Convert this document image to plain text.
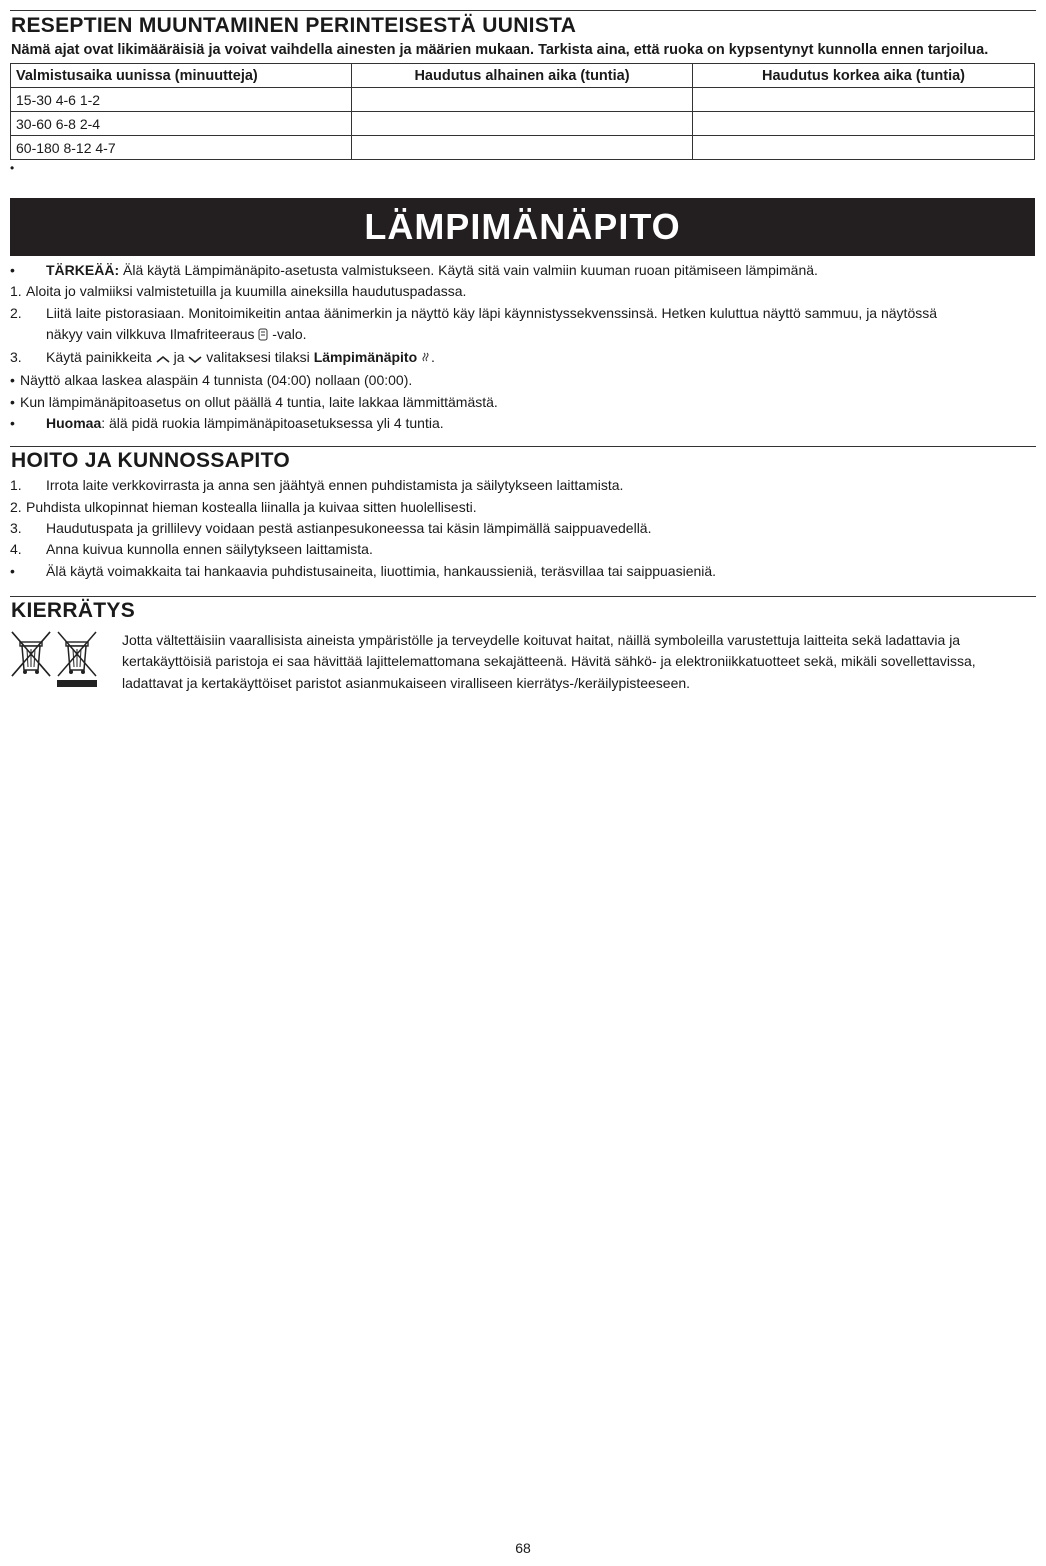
RESEPTIEN MUUNTAMINEN PERINTEISESTÄ UUNISTA

Nämä ajat ovat likimääräisiä ja voivat vaihdella ainesten ja määrien mukaan. Tarkista aina, että ruoka on kypsentynyt kunnolla ennen tarjoilua.

Valmistusaika uunissa (minuutteja)	Haudutus alhainen aika (tuntia)	Haudutus korkea aika (tuntia)
15-30 4-6 1-2		
30-60 6-8 2-4		
60-180 8-12 4-7		
•
LÄMPIMÄNÄPITO
• TÄRKEÄÄ: Älä käytä Lämpimänäpito-asetusta valmistukseen. Käytä sitä vain valmiin kuuman ruoan pitämiseen lämpimänä.
1. Aloita jo valmiiksi valmistetuilla ja kuumilla aineksilla haudutuspadassa.
2. Liitä laite pistorasiaan. Monitoimikeitin antaa äänimerkin ja näyttö käy läpi käynnistyssekvenssinsä. Hetken kuluttua näyttö sammuu, ja näytössä
näkyy vain vilkkuva Ilmafriteeraus  -valo.
3. Käytä painikkeita  ja  valitaksesi tilaksi Lämpimänäpito .
• Näyttö alkaa laskea alaspäin 4 tunnista (04:00) nollaan (00:00).
• Kun lämpimänäpitoasetus on ollut päällä 4 tuntia, laite lakkaa lämmittämästä.
• Huomaa: älä pidä ruokia lämpimänäpitoasetuksessa yli 4 tuntia.
HOITO JA KUNNOSSAPITO
1. Irrota laite verkkovirrasta ja anna sen jäähtyä ennen puhdistamista ja säilytykseen laittamista.
2. Puhdista ulkopinnat hieman kostealla liinalla ja kuivaa sitten huolellisesti.
3. Haudutuspata ja grillilevy voidaan pestä astianpesukoneessa tai käsin lämpimällä saippuavedellä.
4. Anna kuivua kunnolla ennen säilytykseen laittamista.
• Älä käytä voimakkaita tai hankaavia puhdistusaineita, liuottimia, hankaussieniä, teräsvillaa tai saippuasieniä.
KIERRÄTYS
Jotta vältettäisiin vaarallisista aineista ympäristölle ja terveydelle koituvat haitat, näillä symboleilla varustettuja laitteita sekä ladattavia ja kertakäyttöisiä paristoja ei saa hävittää lajittelemattomana sekajätteenä. Hävitä sähkö- ja elektroniikkatuotteet sekä, mikäli sovellettavissa, ladattavat ja kertakäyttöiset paristot asianmukaiseen viralliseen kierrätys-/keräilypisteeseen.
68
